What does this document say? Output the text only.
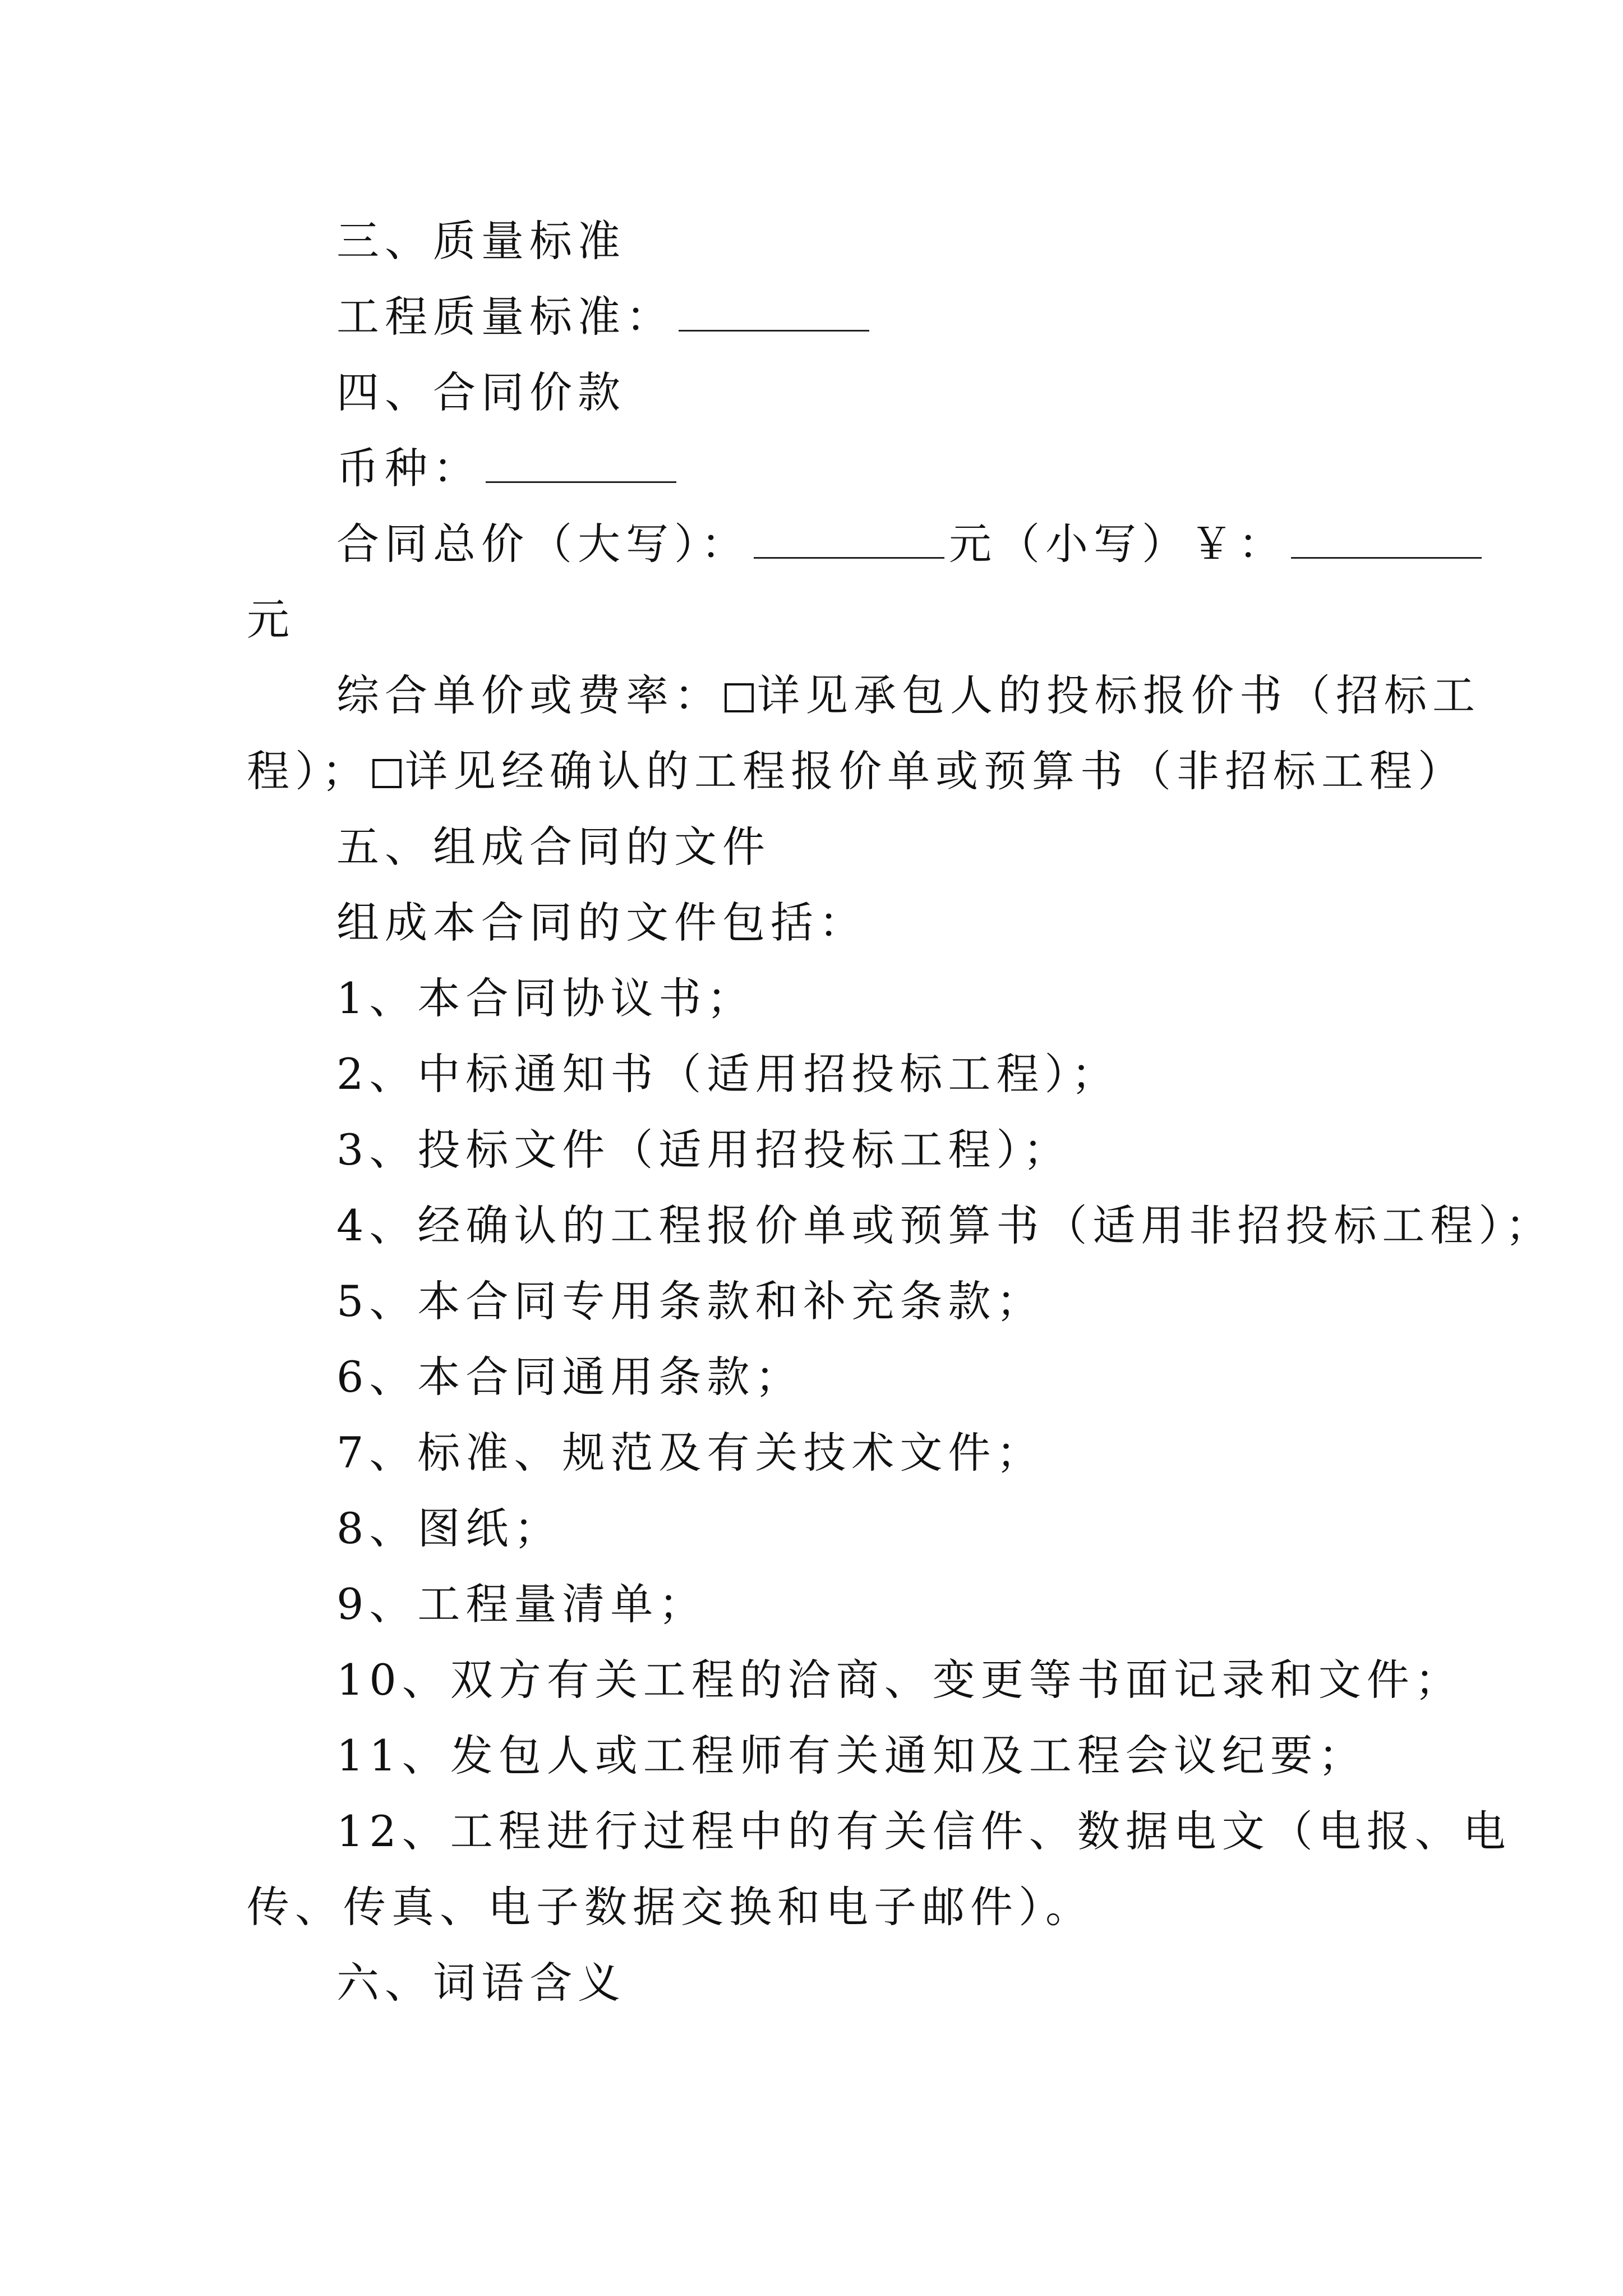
三、质量标准
工程质量标准：
四、合同价款
币种：
合同总价（大写）：	元（小写）￥：
元
综合单价或费率： 详见承包人的投标报价书（招标工
程）； 详见经确认的工程报价单或预算书（非招标工程）
五、组成合同的文件
组成本合同的文件包括：
1、本合同协议书；
2、中标通知书（适用招投标工程）；
3、投标文件（适用招投标工程）；
4、经确认的工程报价单或预算书（适用非招投标工程）；
5、本合同专用条款和补充条款；
6、本合同通用条款；
7、标准、规范及有关技术文件；
8、图纸；
9、工程量清单；
10、双方有关工程的洽商、变更等书面记录和文件；
11、发包人或工程师有关通知及工程会议纪要；
12、工程进行过程中的有关信件、数据电文（电报、电
传、传真、电子数据交换和电子邮件）。
六、词语含义
